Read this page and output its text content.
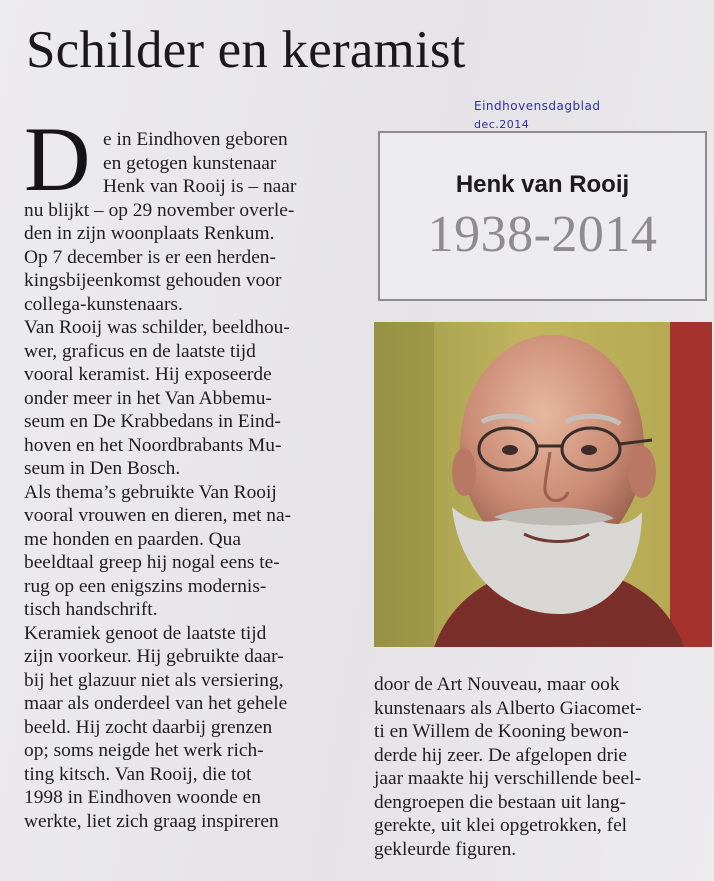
Schilder en keramist
Eindhovensdagblad
dec.2014
D e in Eindhoven geboren
en getogen kunstenaar
Henk van Rooij is – naar
nu blijkt – op 29 november overle-
den in zijn woonplaats Renkum.
Op 7 december is er een herden-
kingsbijeenkomst gehouden voor
collega-kunstenaars.
Van Rooij was schilder, beeldhou-
wer, graficus en de laatste tijd
vooral keramist. Hij exposeerde
onder meer in het Van Abbemu-
seum en De Krabbedans in Eind-
hoven en het Noordbrabants Mu-
seum in Den Bosch.
Als thema’s gebruikte Van Rooij
vooral vrouwen en dieren, met na-
me honden en paarden. Qua
beeldtaal greep hij nogal eens te-
rug op een enigszins modernis-
tisch handschrift.
Keramiek genoot de laatste tijd
zijn voorkeur. Hij gebruikte daar-
bij het glazuur niet als versiering,
maar als onderdeel van het gehele
beeld. Hij zocht daarbij grenzen
op; soms neigde het werk rich-
ting kitsch. Van Rooij, die tot
1998 in Eindhoven woonde en
werkte, liet zich graag inspireren
Henk van Rooij
1938-2014
door de Art Nouveau, maar ook
kunstenaars als Alberto Giacomet-
ti en Willem de Kooning bewon-
derde hij zeer. De afgelopen drie
jaar maakte hij verschillende beel-
dengroepen die bestaan uit lang-
gerekte, uit klei opgetrokken, fel
gekleurde figuren.
